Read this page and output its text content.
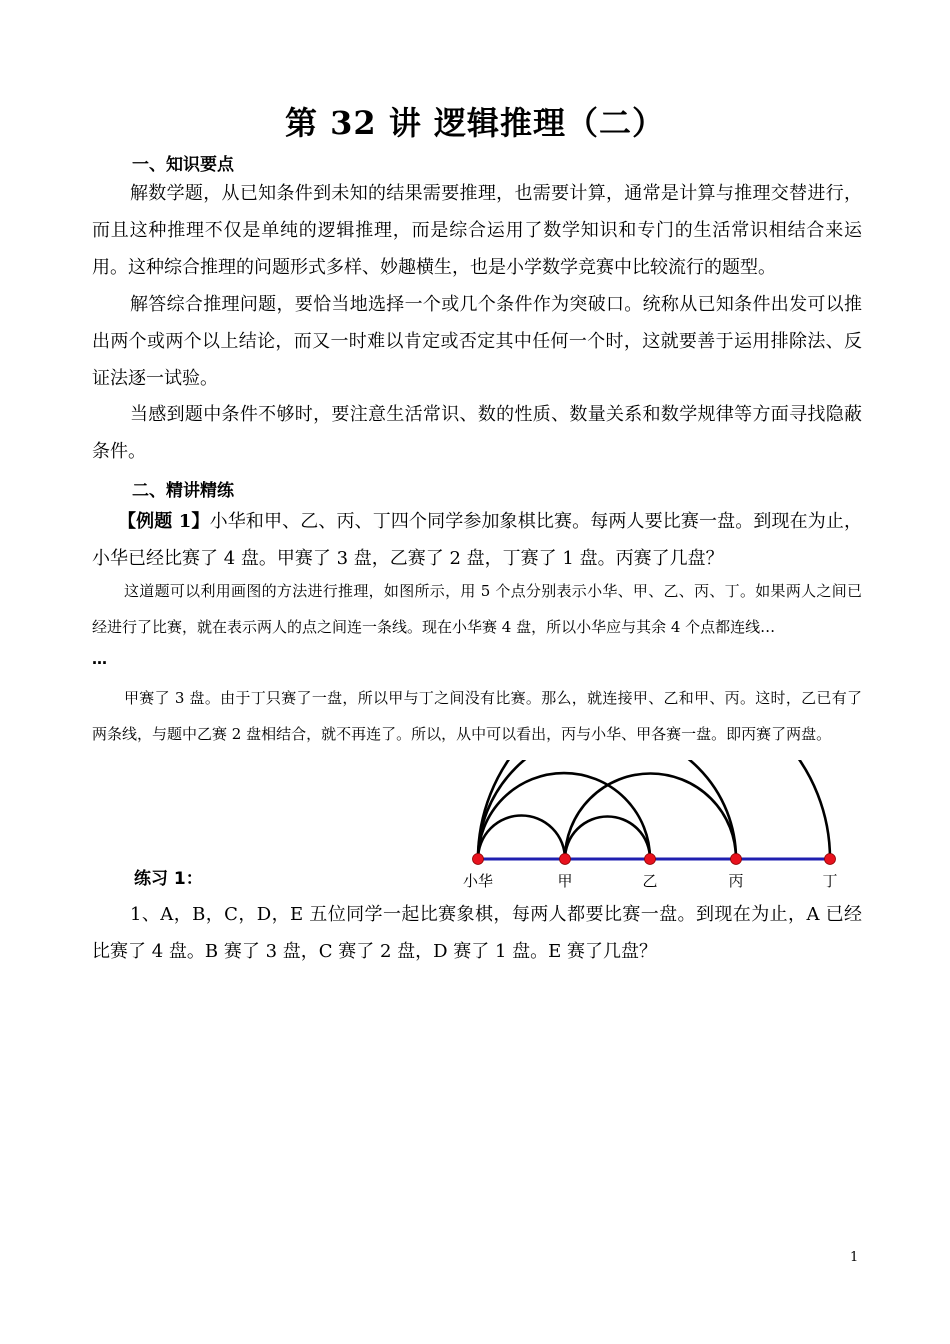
第 32 讲 逻辑推理（二）
一、知识要点
解数学题，从已知条件到未知的结果需要推理，也需要计算，通常是计算与推理交替进行，而且这种推理不仅是单纯的逻辑推理，而是综合运用了数学知识和专门的生活常识相结合来运用。这种综合推理的问题形式多样、妙趣横生，也是小学数学竞赛中比较流行的题型。
解答综合推理问题，要恰当地选择一个或几个条件作为突破口。统称从已知条件出发可以推出两个或两个以上结论，而又一时难以肯定或否定其中任何一个时，这就要善于运用排除法、反证法逐一试验。
当感到题中条件不够时，要注意生活常识、数的性质、数量关系和数学规律等方面寻找隐蔽条件。
二、精讲精练
【例题 1】小华和甲、乙、丙、丁四个同学参加象棋比赛。每两人要比赛一盘。到现在为止，小华已经比赛了 4 盘。甲赛了 3 盘，乙赛了 2 盘，丁赛了 1 盘。丙赛了几盘？
这道题可以利用画图的方法进行推理，如图所示，用 5 个点分别表示小华、甲、乙、丙、丁。如果两人之间已经进行了比赛，就在表示两人的点之间连一条线。现在小华赛 4 盘，所以小华应与其余 4 个点都连线…
…
甲赛了 3 盘。由于丁只赛了一盘，所以甲与丁之间没有比赛。那么，就连接甲、乙和甲、丙。这时，乙已有了两条线，与题中乙赛 2 盘相结合，就不再连了。所以，从中可以看出，丙与小华、甲各赛一盘。即丙赛了两盘。
小华	甲	乙	丙	丁
练习 1：
1、A，B，C，D，E 五位同学一起比赛象棋，每两人都要比赛一盘。到现在为止，A 已经比赛了 4 盘。B 赛了 3 盘，C 赛了 2 盘，D 赛了 1 盘。E 赛了几盘？
1
